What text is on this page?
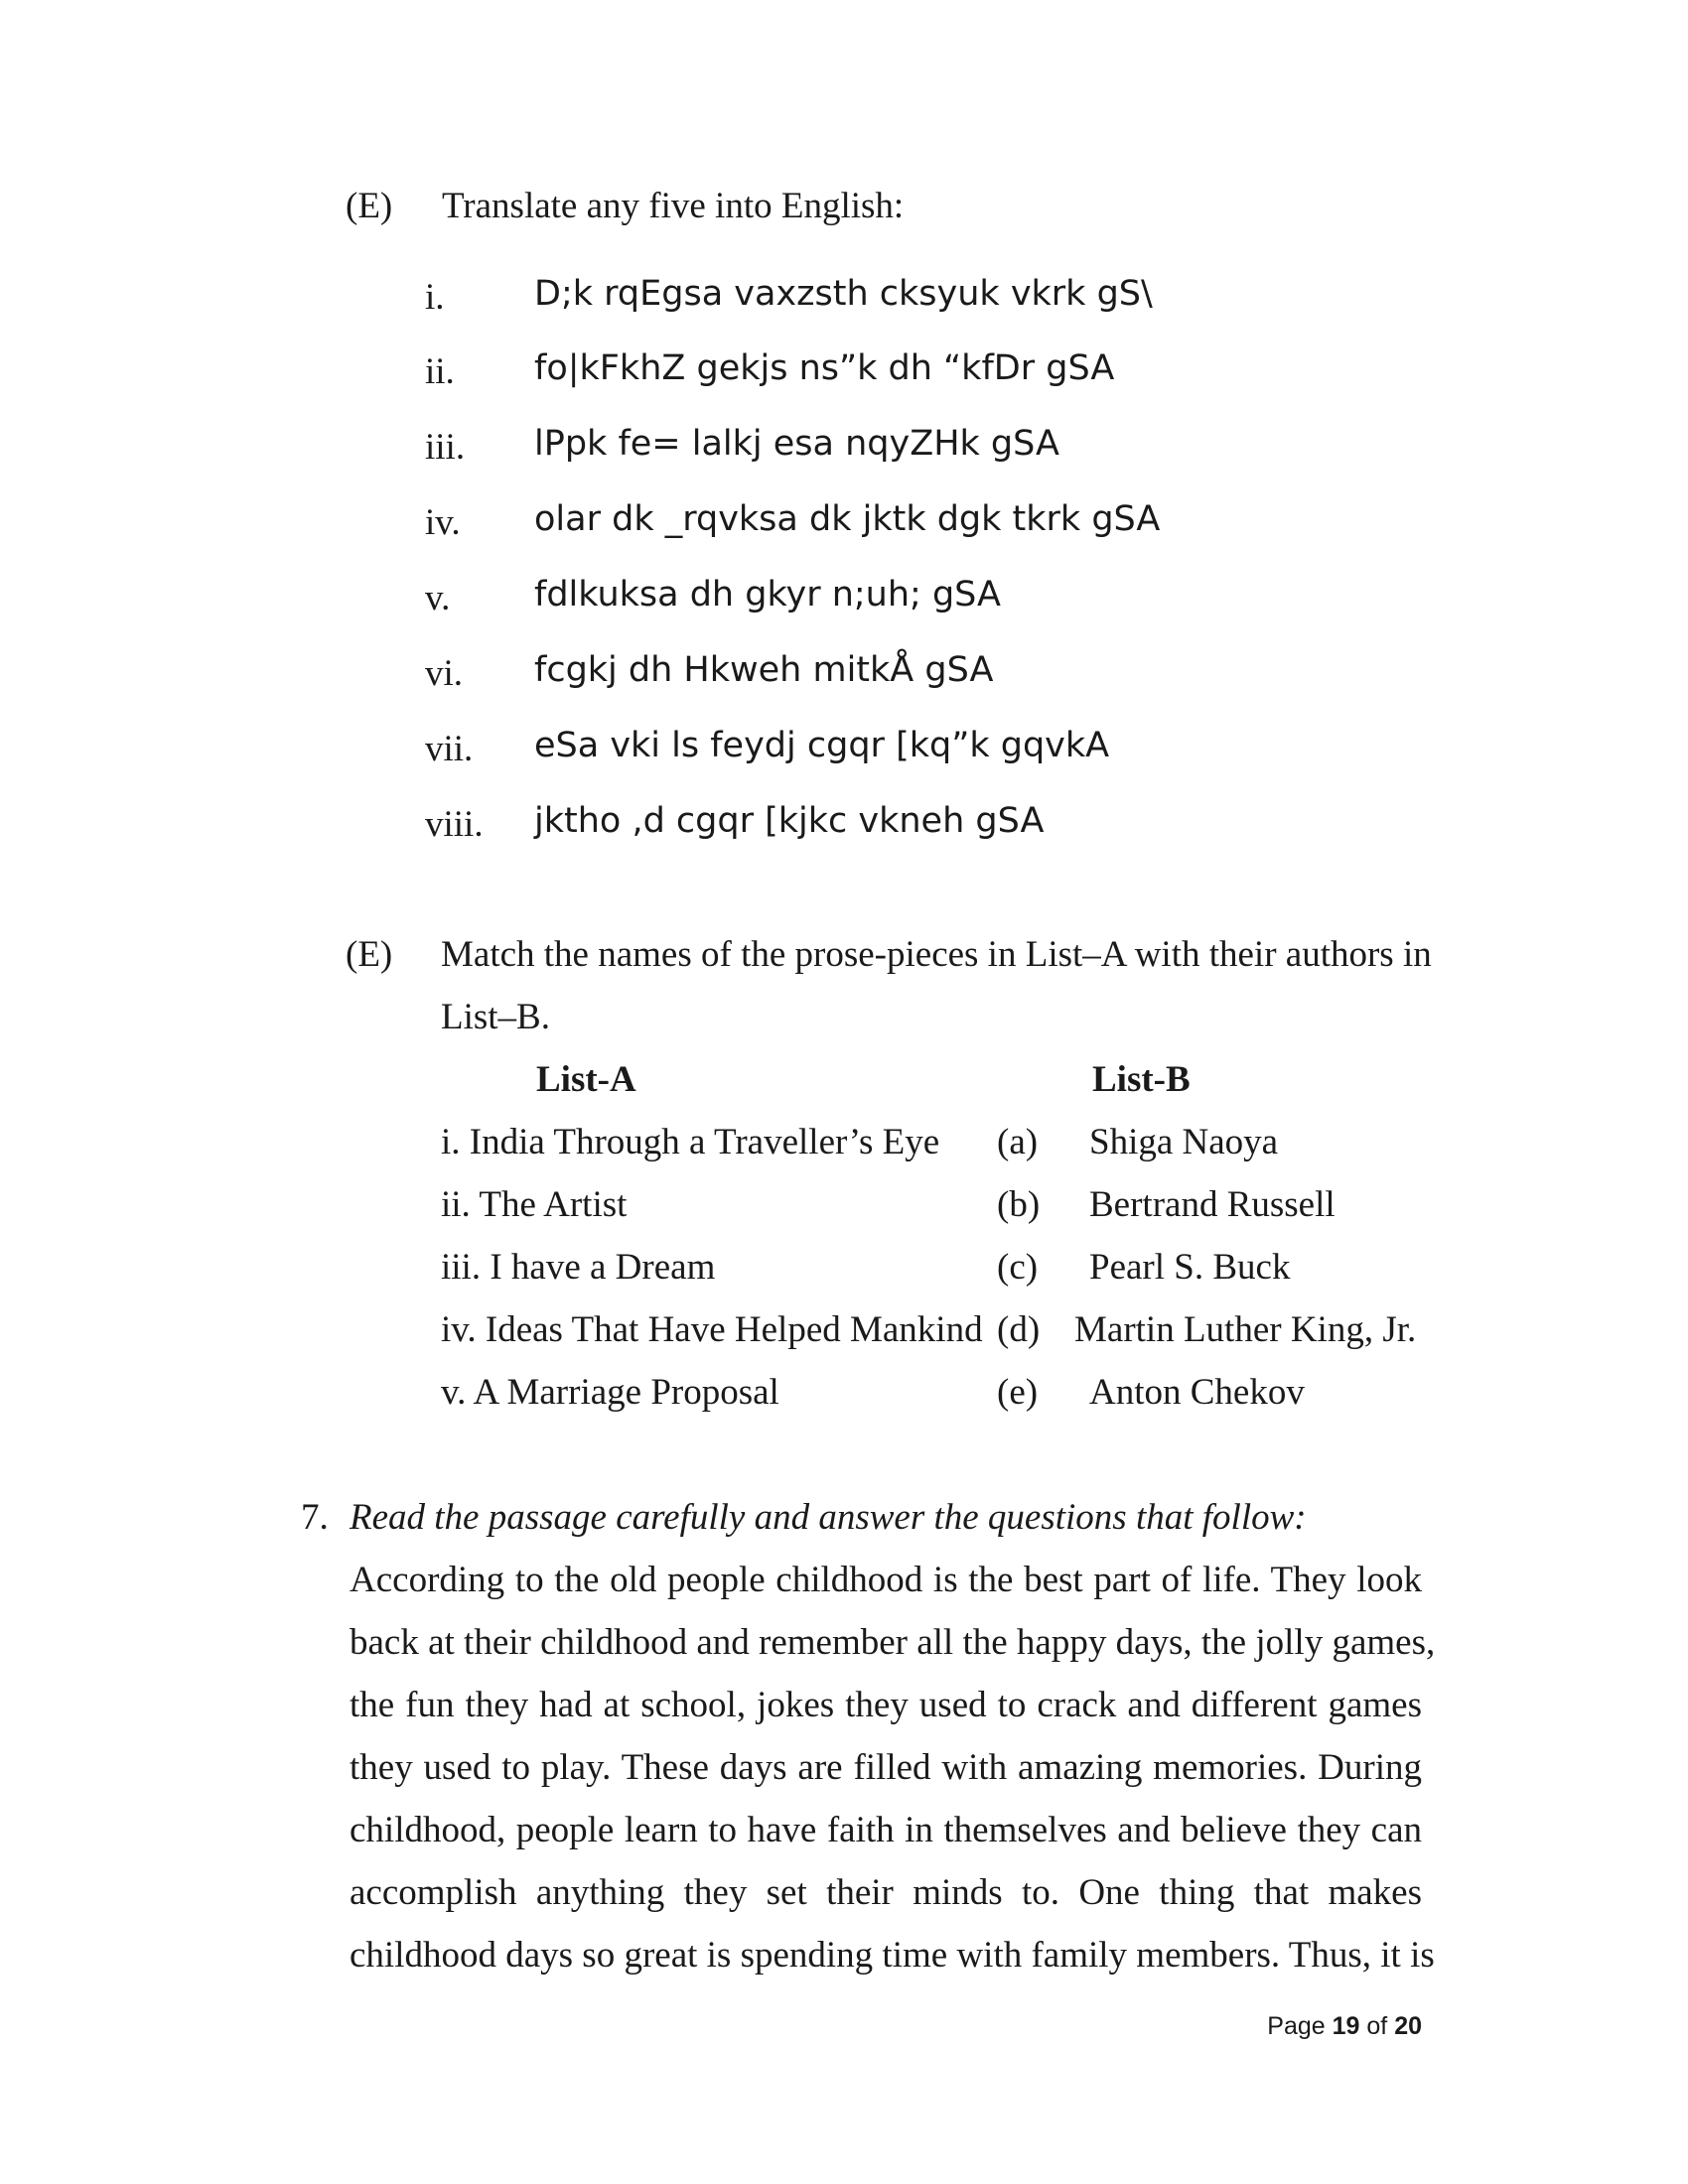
(E) Translate any five into English:
i.	D;k rqEgsa vaxzsth cksyuk vkrk gS\
ii. fo|kFkhZ gekjs ns”k dh “kfDr gSA
iii. lPpk fe= lalkj esa nqyZHk gSA
iv. olar dk _rqvksa dk jktk dgk tkrk gSA
v. fdlkuksa dh gkyr n;uh; gSA
vi. fcgkj dh Hkweh mitkÅ gSA
vii. eSa vki ls feydj cgqr [kq”k gqvkA
viii. jktho ,d cgqr [kjkc vkneh gSA
(E) Match the names of the prose-pieces in List–A with their authors in
List–B.
List-A	List-B
i. India Through a Traveller’s Eye (a) Shiga Naoya
ii. The Artist	(b) Bertrand Russell
iii. I have a Dream	(c) Pearl S. Buck
iv. Ideas That Have Helped Mankind (d) Martin Luther King, Jr.
v. A Marriage Proposal	(e) Anton Chekov
7. Read the passage carefully and answer the questions that follow:
According to the old people childhood is the best part of life. They look
back at their childhood and remember all the happy days, the jolly games,
the fun they had at school, jokes they used to crack and different games
they used to play. These days are filled with amazing memories. During
childhood, people learn to have faith in themselves and believe they can
accomplish anything they set their minds to. One thing that makes
childhood days so great is spending time with family members. Thus, it is
Page 19 of 20
